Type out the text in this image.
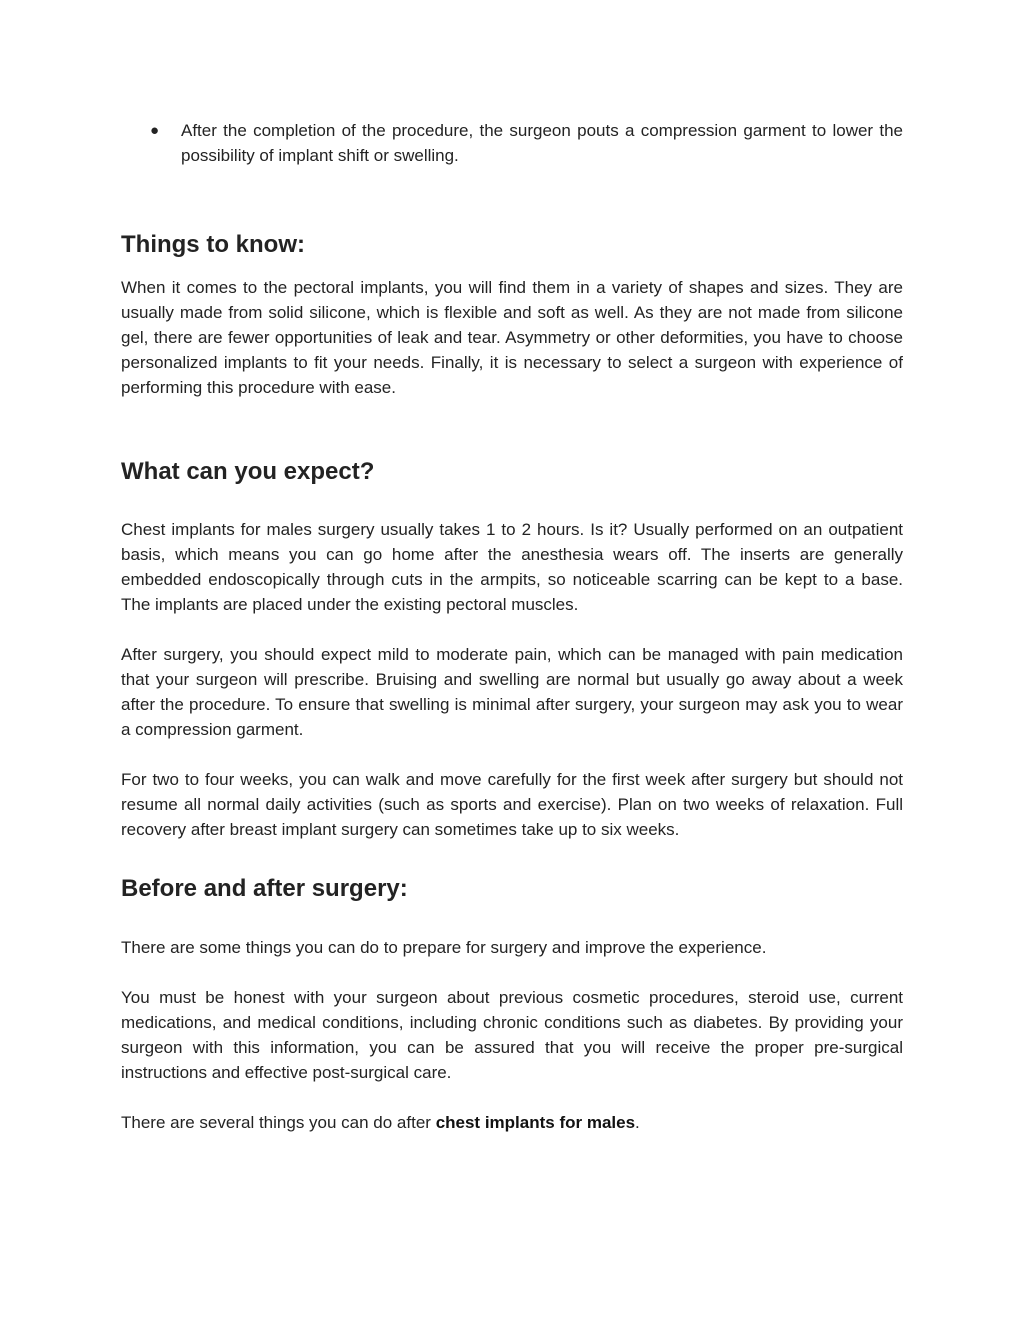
● After the completion of the procedure, the surgeon pouts a compression garment to lower the possibility of implant shift or swelling.
Things to know:

When it comes to the pectoral implants, you will find them in a variety of shapes and sizes. They are usually made from solid silicone, which is flexible and soft as well. As they are not made from silicone gel, there are fewer opportunities of leak and tear. Asymmetry or other deformities, you have to choose personalized implants to fit your needs. Finally, it is necessary to select a surgeon with experience of performing this procedure with ease.

What can you expect?

Chest implants for males surgery usually takes 1 to 2 hours. Is it? Usually performed on an outpatient basis, which means you can go home after the anesthesia wears off. The inserts are generally embedded endoscopically through cuts in the armpits, so noticeable scarring can be kept to a base. The implants are placed under the existing pectoral muscles.

After surgery, you should expect mild to moderate pain, which can be managed with pain medication that your surgeon will prescribe. Bruising and swelling are normal but usually go away about a week after the procedure. To ensure that swelling is minimal after surgery, your surgeon may ask you to wear a compression garment.

For two to four weeks, you can walk and move carefully for the first week after surgery but should not resume all normal daily activities (such as sports and exercise). Plan on two weeks of relaxation. Full recovery after breast implant surgery can sometimes take up to six weeks.

Before and after surgery:

There are some things you can do to prepare for surgery and improve the experience.

You must be honest with your surgeon about previous cosmetic procedures, steroid use, current medications, and medical conditions, including chronic conditions such as diabetes. By providing your surgeon with this information, you can be assured that you will receive the proper pre-surgical instructions and effective post-surgical care.

There are several things you can do after chest implants for males.
